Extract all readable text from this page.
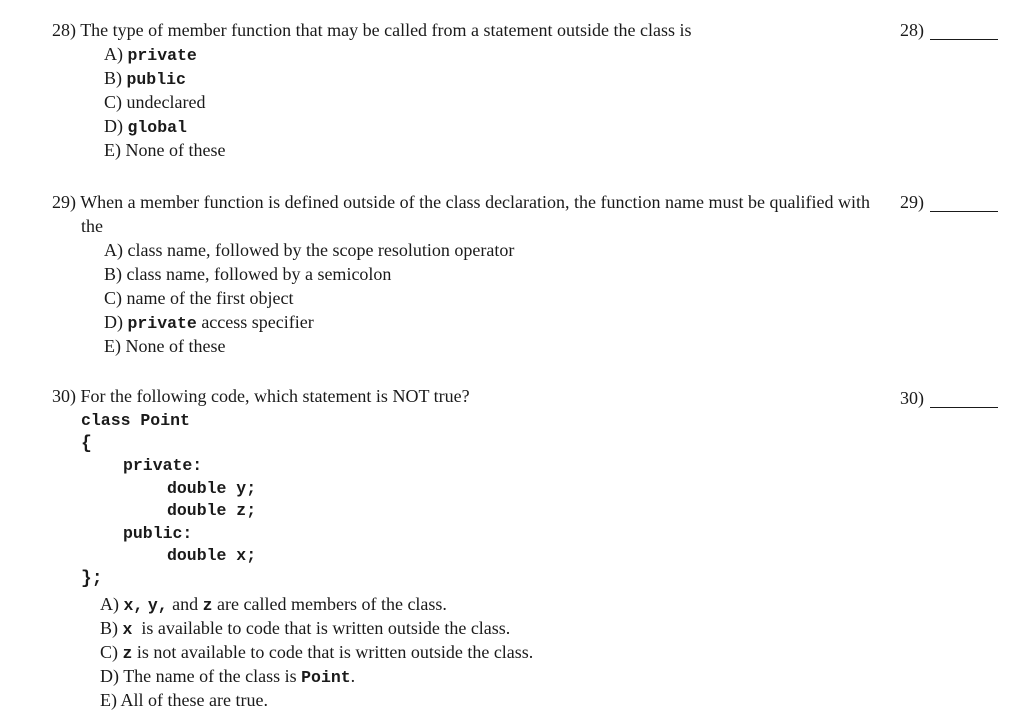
28) The type of member function that may be called from a statement outside the class is

A) private
B) public
C) undeclared
D) global
E) None of these
28)

29) When a member function is defined outside of the class declaration, the function name must be qualified with the

A) class name, followed by the scope resolution operator
B) class name, followed by a semicolon
C) name of the first object
D) private access specifier
E) None of these
29)

30) For the following code, which statement is NOT true?

class Point
{
private:
double y;
double z;
public:
double x;
};
A) x, y, and z are called members of the class.
B) x is available to code that is written outside the class.
C) z is not available to code that is written outside the class.
D) The name of the class is Point.
E) All of these are true.
30)
